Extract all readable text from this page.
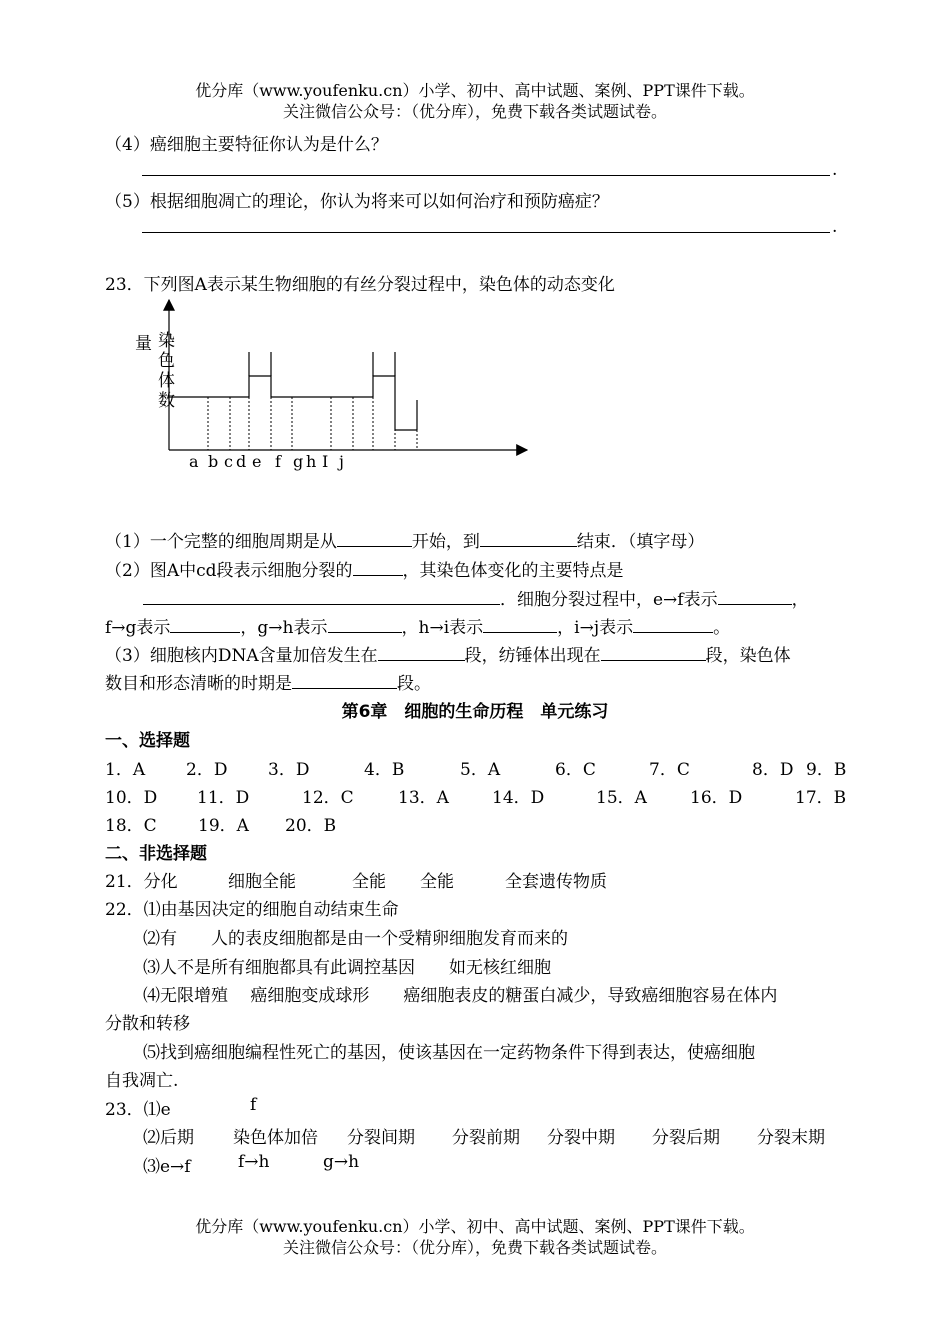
优分库（www.youfenku.cn）小学、初中、高中试题、案例、PPT课件下载。
关注微信公众号：（优分库），免费下载各类试题试卷。
（4）癌细胞主要特征你认为是什么？
.
（5）根据细胞凋亡的理论，你认为将来可以如何治疗和预防癌症？
.
23．下列图A表示某生物细胞的有丝分裂过程中，染色体的动态变化
量 染
色
体
数
a b c d e f g h I j
（1）一个完整的细胞周期是从	开始，到	结束．（填字母）
（2）图A中cd段表示细胞分裂的	，其染色体变化的主要特点是
．细胞分裂过程中，e→f表示	，
f→g表示	，g→h表示	，h→i表示	，i→j表示	。
（3）细胞核内DNA含量加倍发生在	段，纺锤体出现在	段，染色体
数目和形态清晰的时期是	段。
第6章　细胞的生命历程　单元练习
一、选择题
1．A 2．D 3．D	4．B	5．A	6．C	7．C	8．D 9．B
10．D 11．D	12．C	13．A	14．D	15．A	16．D	17．B
18．C 19．A 20．B
二、非选择题
21．分化	细胞全能	全能 全能	全套遗传物质
22．⑴由基因决定的细胞自动结束生命
⑵有　　人的表皮细胞都是由一个受精卵细胞发育而来的
⑶人不是所有细胞都具有此调控基因　　如无核红细胞
⑷无限增殖　 癌细胞变成球形　　癌细胞表皮的糖蛋白减少，导致癌细胞容易在体内
分散和转移
⑸找到癌细胞编程性死亡的基因，使该基因在一定药物条件下得到表达，使癌细胞
自我凋亡.
23．⑴e	f
⑵后期 染色体加倍 分裂间期 分裂前期 分裂中期 分裂后期 分裂末期
⑶e→f	f→h	g→h
优分库（www.youfenku.cn）小学、初中、高中试题、案例、PPT课件下载。
关注微信公众号：（优分库），免费下载各类试题试卷。
